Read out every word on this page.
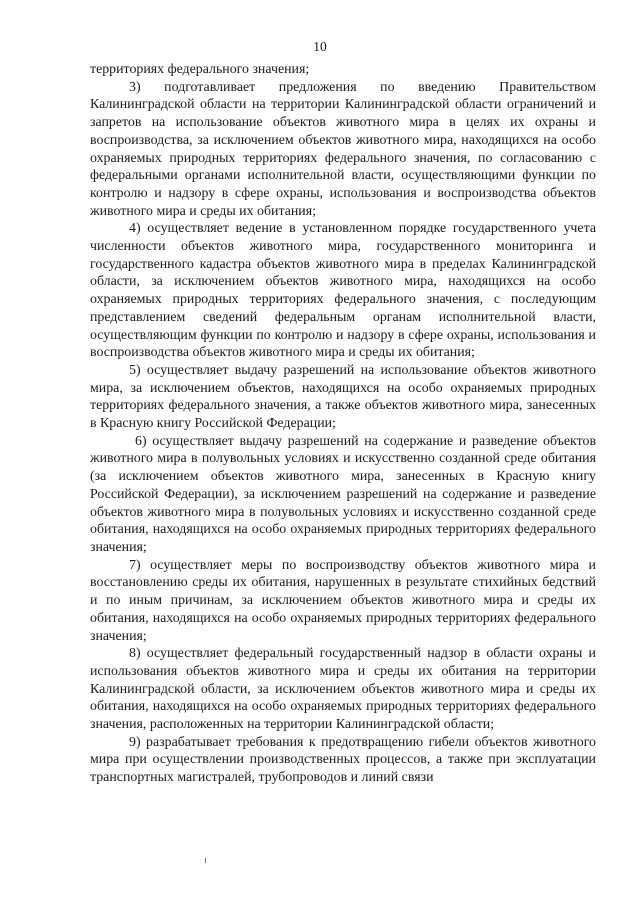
10

территориях федерального значения;

3) подготавливает предложения по введению Правительством Калининградской области на территории Калининградской области ограничений и запретов на использование объектов животного мира в целях их охраны и воспроизводства, за исключением объектов животного мира, находящихся на особо охраняемых природных территориях федерального значения, по согласованию с федеральными органами исполнительной власти, осуществляющими функции по контролю и надзору в сфере охраны, использования и воспроизводства объектов животного мира и среды их обитания;

4) осуществляет ведение в установленном порядке государственного учета численности объектов животного мира, государственного мониторинга и государственного кадастра объектов животного мира в пределах Калининградской области, за исключением объектов животного мира, находящихся на особо охраняемых природных территориях федерального значения, с последующим представлением сведений федеральным органам исполнительной власти, осуществляющим функции по контролю и надзору в сфере охраны, использования и воспроизводства объектов животного мира и среды их обитания;

5) осуществляет выдачу разрешений на использование объектов животного мира, за исключением объектов, находящихся на особо охраняемых природных территориях федерального значения, а также объектов животного мира, занесенных в Красную книгу Российской Федерации;

6) осуществляет выдачу разрешений на содержание и разведение объектов животного мира в полувольных условиях и искусственно созданной среде обитания (за исключением объектов животного мира, занесенных в Красную книгу Российской Федерации), за исключением разрешений на содержание и разведение объектов животного мира в полувольных условиях и искусственно созданной среде обитания, находящихся на особо охраняемых природных территориях федерального значения;

7) осуществляет меры по воспроизводству объектов животного мира и восстановлению среды их обитания, нарушенных в результате стихийных бедствий и по иным причинам, за исключением объектов животного мира и среды их обитания, находящихся на особо охраняемых природных территориях федерального значения;

8) осуществляет федеральный государственный надзор в области охраны и использования объектов животного мира и среды их обитания на территории Калининградской области, за исключением объектов животного мира и среды их обитания, находящихся на особо охраняемых природных территориях федерального значения, расположенных на территории Калининградской области;

9) разрабатывает требования к предотвращению гибели объектов животного мира при осуществлении производственных процессов, а также при эксплуатации транспортных магистралей, трубопроводов и линий связи
